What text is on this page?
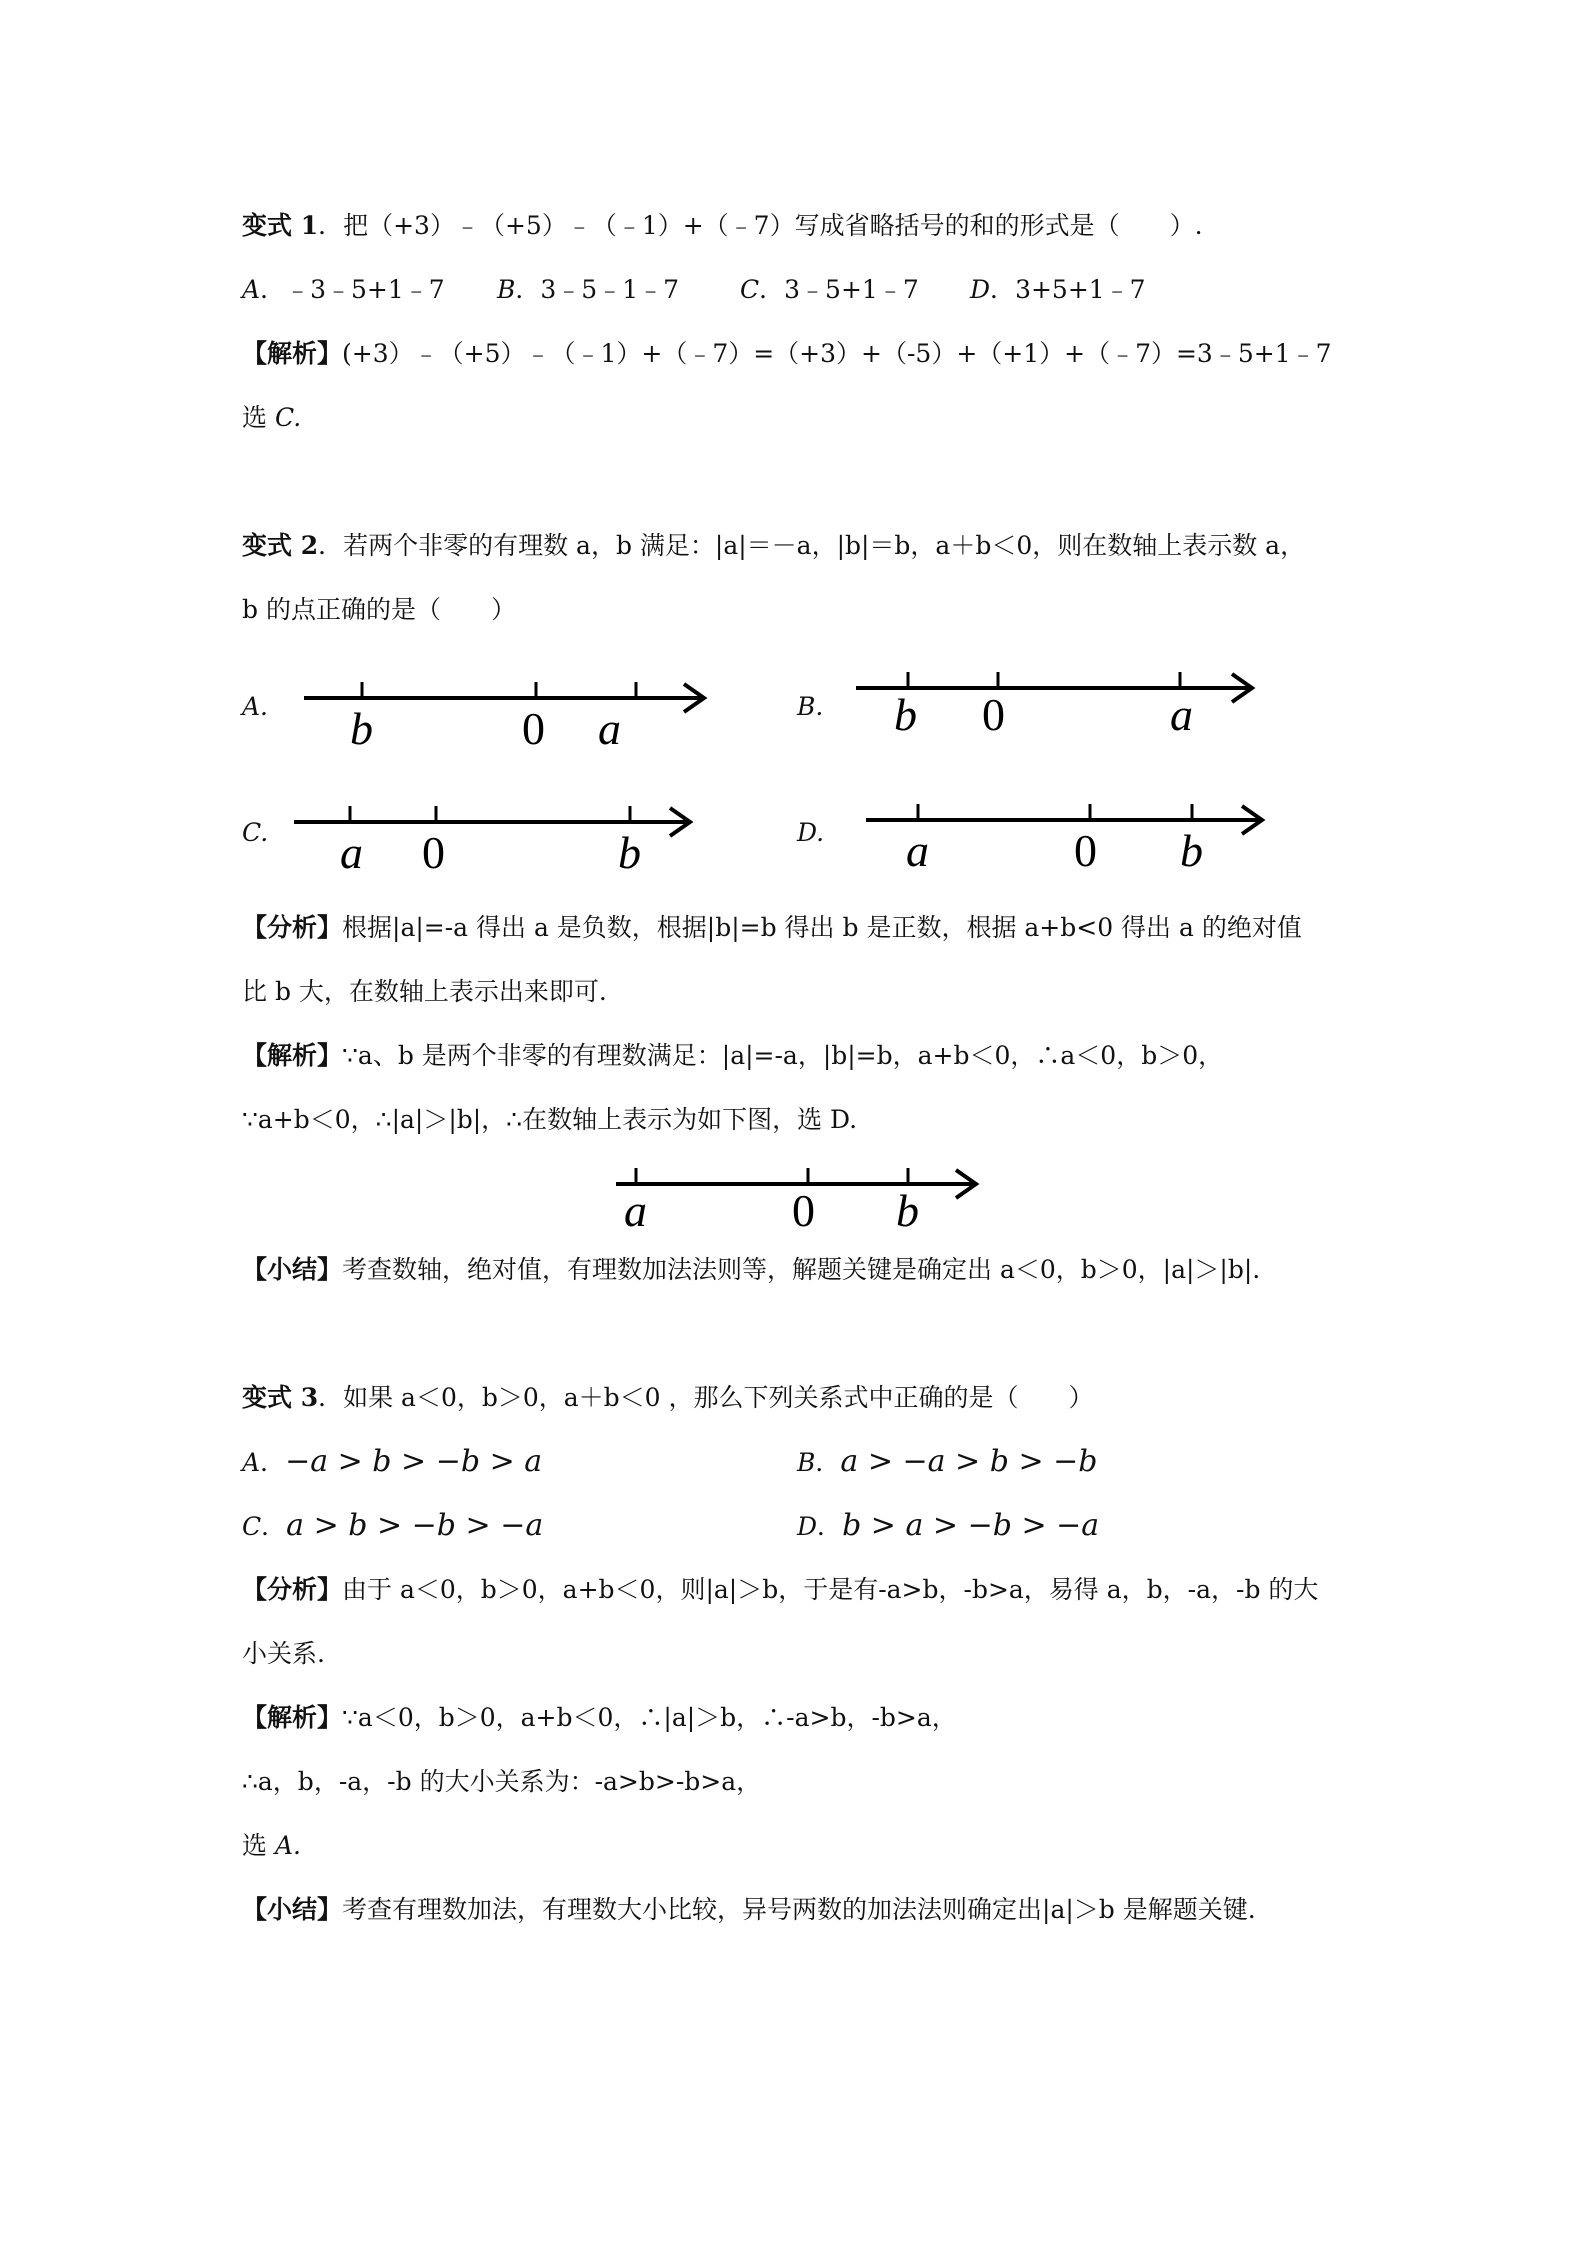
变式 1．把（+3）﹣（+5）﹣（﹣1）+（﹣7）写成省略括号的和的形式是（　　）.
A．﹣3﹣5+1﹣7 B．3﹣5﹣1﹣7 C．3﹣5+1﹣7 D．3+5+1﹣7
【解析】(+3）﹣（+5）﹣（﹣1）+（﹣7）=（+3）+（-5）+（+1）+（﹣7）=3﹣5+1﹣7
选 C.
变式 2．若两个非零的有理数 a，b 满足：|a|＝－a，|b|＝b，a＋b＜0，则在数轴上表示数 a，
b 的点正确的是（　　）
A. b	0 a	B. b 0	a
C. a 0	b	D. a	0 b
【分析】根据|a|=-a 得出 a 是负数，根据|b|=b 得出 b 是正数，根据 a+b<0 得出 a 的绝对值
比 b 大，在数轴上表示出来即可.
【解析】∵a、b 是两个非零的有理数满足：|a|=-a，|b|=b，a+b＜0，∴a＜0，b＞0，
∵a+b＜0，∴|a|＞|b|，∴在数轴上表示为如下图，选 D.
a	0 b
【小结】考查数轴，绝对值，有理数加法法则等，解题关键是确定出 a＜0，b＞0，|a|＞|b|.
变式 3．如果 a＜0，b＞0，a＋b＜0 ，那么下列关系式中正确的是（　　）
A．−a > b > −b > a	B．a > −a > b > −b
C．a > b > −b > −a	D．b > a > −b > −a
【分析】由于 a＜0，b＞0，a+b＜0，则|a|＞b，于是有-a>b，-b>a，易得 a，b，-a，-b 的大
小关系.
【解析】∵a＜0，b＞0，a+b＜0，∴|a|＞b，∴-a>b，-b>a，
∴a，b，-a，-b 的大小关系为：-a>b>-b>a，
选 A.
【小结】考查有理数加法，有理数大小比较，异号两数的加法法则确定出|a|＞b 是解题关键.
